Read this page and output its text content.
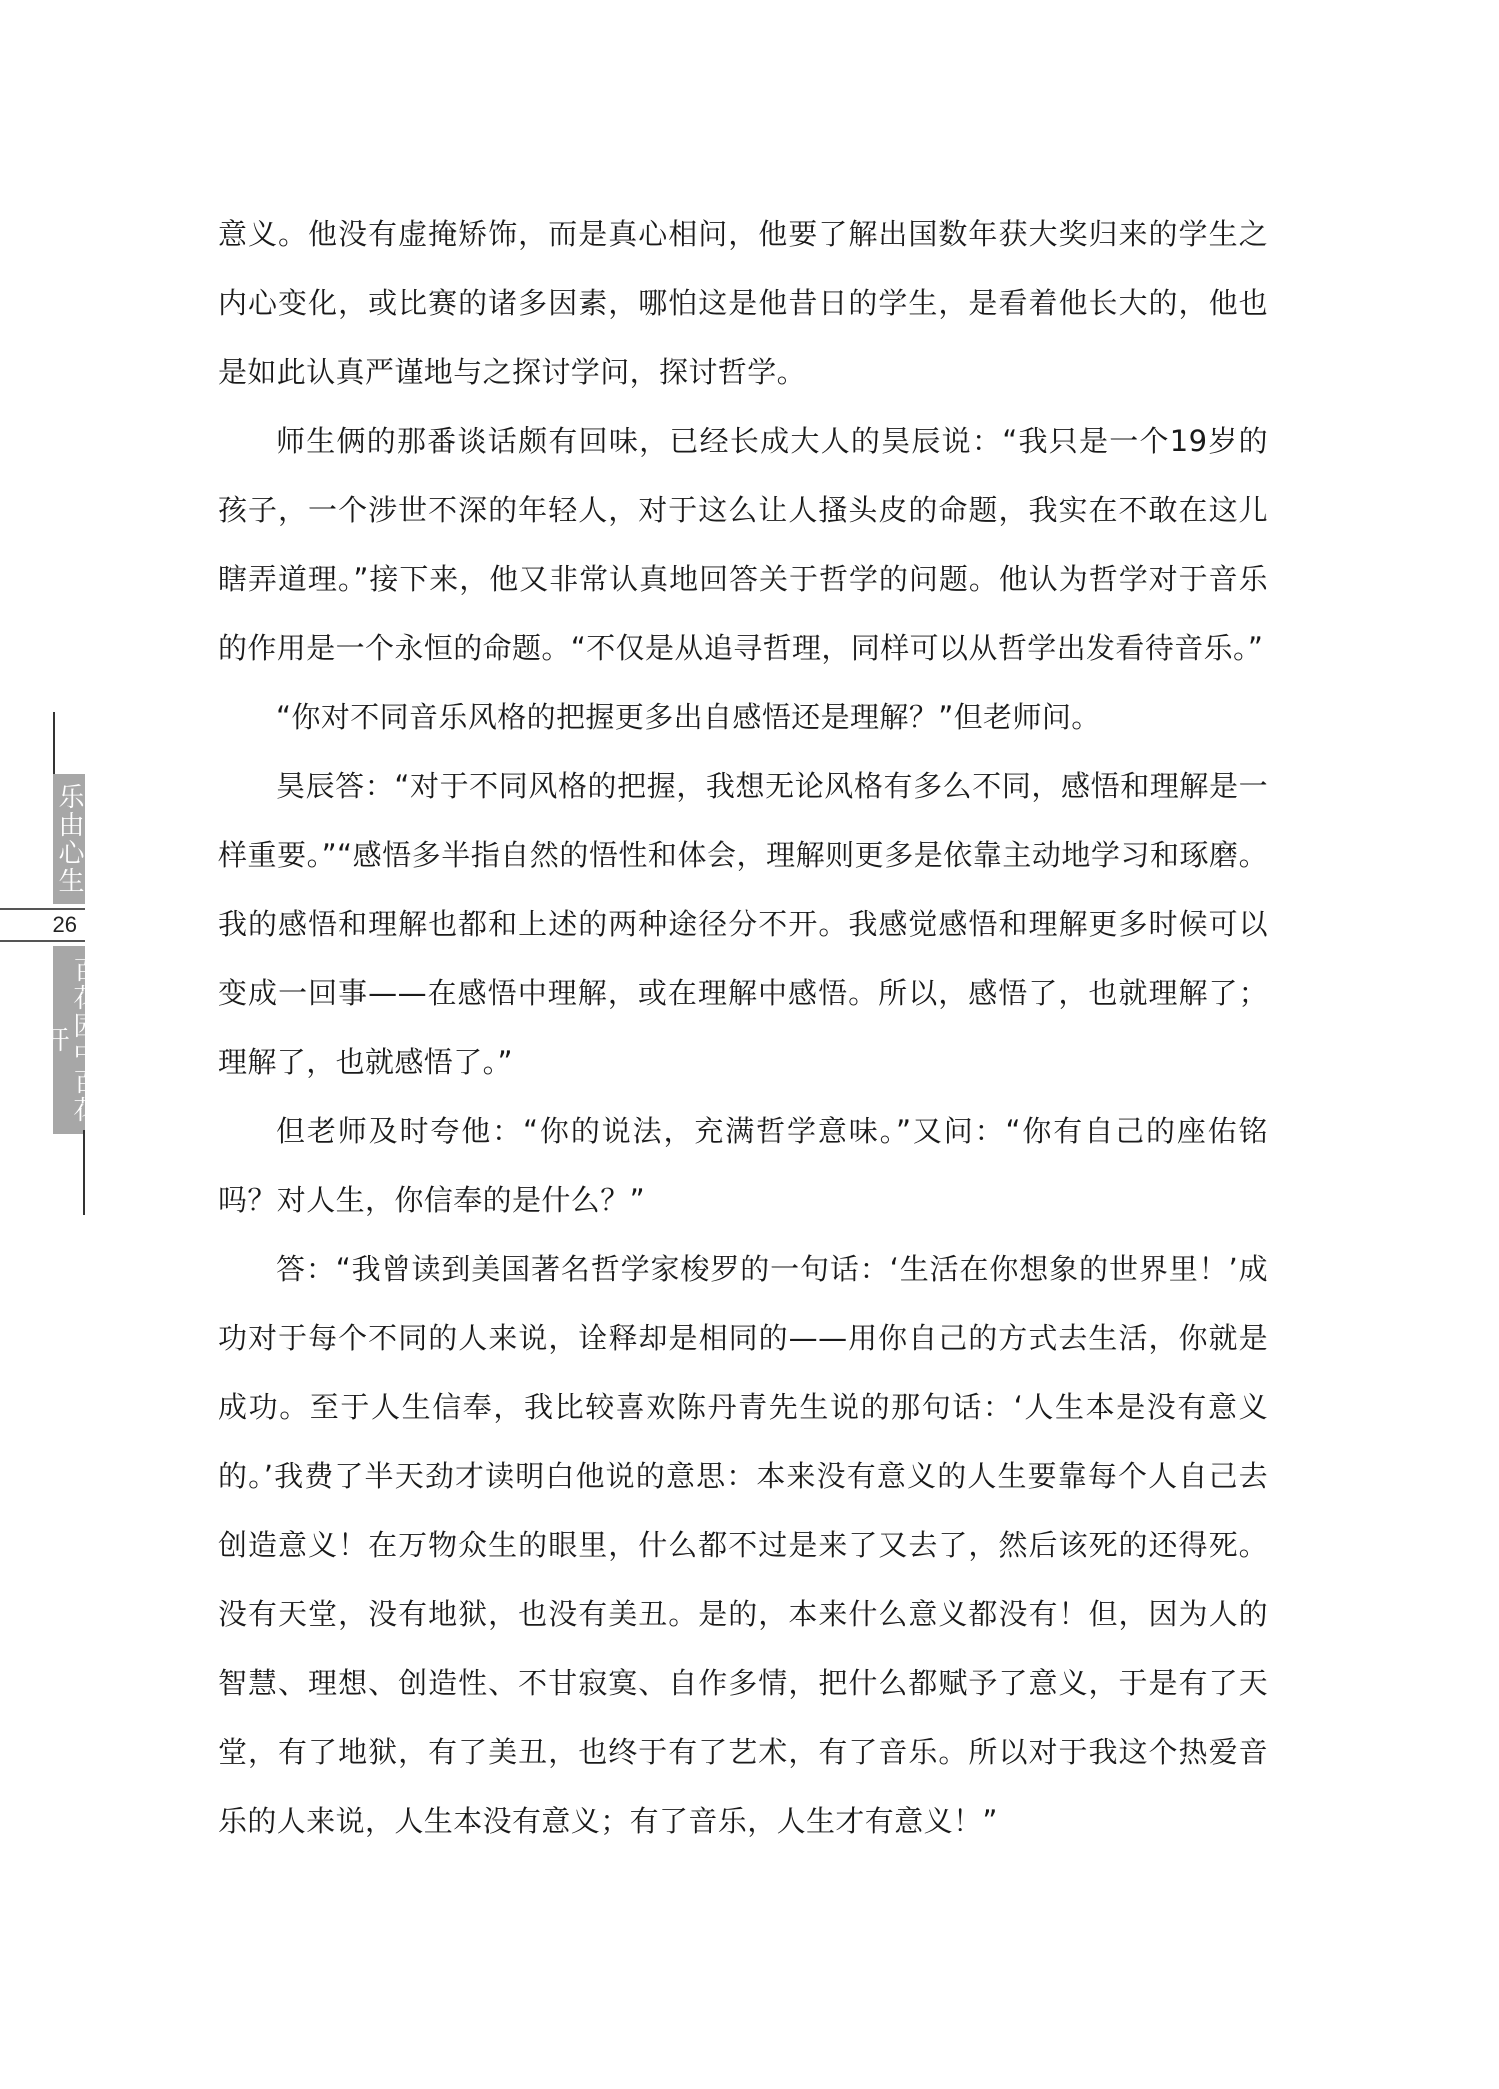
意义。他没有虚掩矫饰，而是真心相问，他要了解出国数年获大奖归来的学生之内心变化，或比赛的诸多因素，哪怕这是他昔日的学生，是看着他长大的，他也是如此认真严谨地与之探讨学问，探讨哲学。

师生俩的那番谈话颇有回味，已经长成大人的昊辰说：“我只是一个19岁的孩子，一个涉世不深的年轻人，对于这么让人搔头皮的命题，我实在不敢在这儿瞎弄道理。”接下来，他又非常认真地回答关于哲学的问题。他认为哲学对于音乐的作用是一个永恒的命题。“不仅是从追寻哲理，同样可以从哲学出发看待音乐。”

“你对不同音乐风格的把握更多出自感悟还是理解？”但老师问。

昊辰答：“对于不同风格的把握，我想无论风格有多么不同，感悟和理解是一样重要。”“感悟多半指自然的悟性和体会，理解则更多是依靠主动地学习和琢磨。我的感悟和理解也都和上述的两种途径分不开。我感觉感悟和理解更多时候可以变成一回事——在感悟中理解，或在理解中感悟。所以，感悟了，也就理解了；理解了，也就感悟了。”

但老师及时夸他：“你的说法，充满哲学意味。”又问：“你有自己的座佑铭吗？对人生，你信奉的是什么？”

答：“我曾读到美国著名哲学家梭罗的一句话：‘生活在你想象的世界里！’成功对于每个不同的人来说，诠释却是相同的——用你自己的方式去生活，你就是成功。至于人生信奉，我比较喜欢陈丹青先生说的那句话：‘人生本是没有意义的。’我费了半天劲才读明白他说的意思：本来没有意义的人生要靠每个人自己去创造意义！在万物众生的眼里，什么都不过是来了又去了，然后该死的还得死。没有天堂，没有地狱，也没有美丑。是的，本来什么意义都没有！但，因为人的智慧、理想、创造性、不甘寂寞、自作多情，把什么都赋予了意义，于是有了天堂，有了地狱，有了美丑，也终于有了艺术，有了音乐。所以对于我这个热爱音乐的人来说，人生本没有意义；有了音乐，人生才有意义！”

乐由心生
26
百花园中百花开
